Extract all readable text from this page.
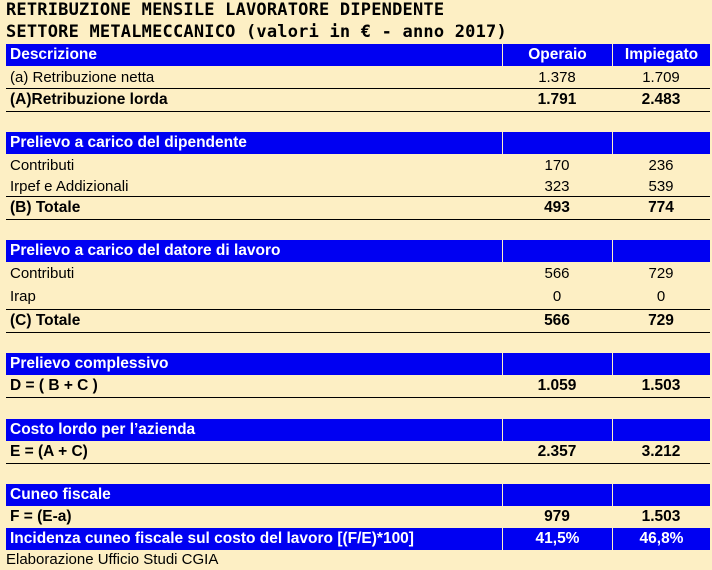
RETRIBUZIONE MENSILE LAVORATORE DIPENDENTE
SETTORE METALMECCANICO (valori in € - anno 2017)
Descrizione	Operaio	Impiegato
(a) Retribuzione netta	1.378	1.709
(A)Retribuzione lorda	1.791	2.483
Prelievo a carico del dipendente
Contributi	170	236
Irpef e Addizionali	323	539
(B) Totale	493	774
Prelievo a carico del datore di lavoro
Contributi	566	729
Irap	0	0
(C) Totale	566	729
Prelievo complessivo
D = ( B + C )	1.059	1.503
Costo lordo per l’azienda
E = (A + C)	2.357	3.212
Cuneo fiscale
F = (E-a)	979	1.503
Incidenza cuneo fiscale sul costo del lavoro [(F/E)*100]	41,5%	46,8%
Elaborazione Ufficio Studi CGIA
